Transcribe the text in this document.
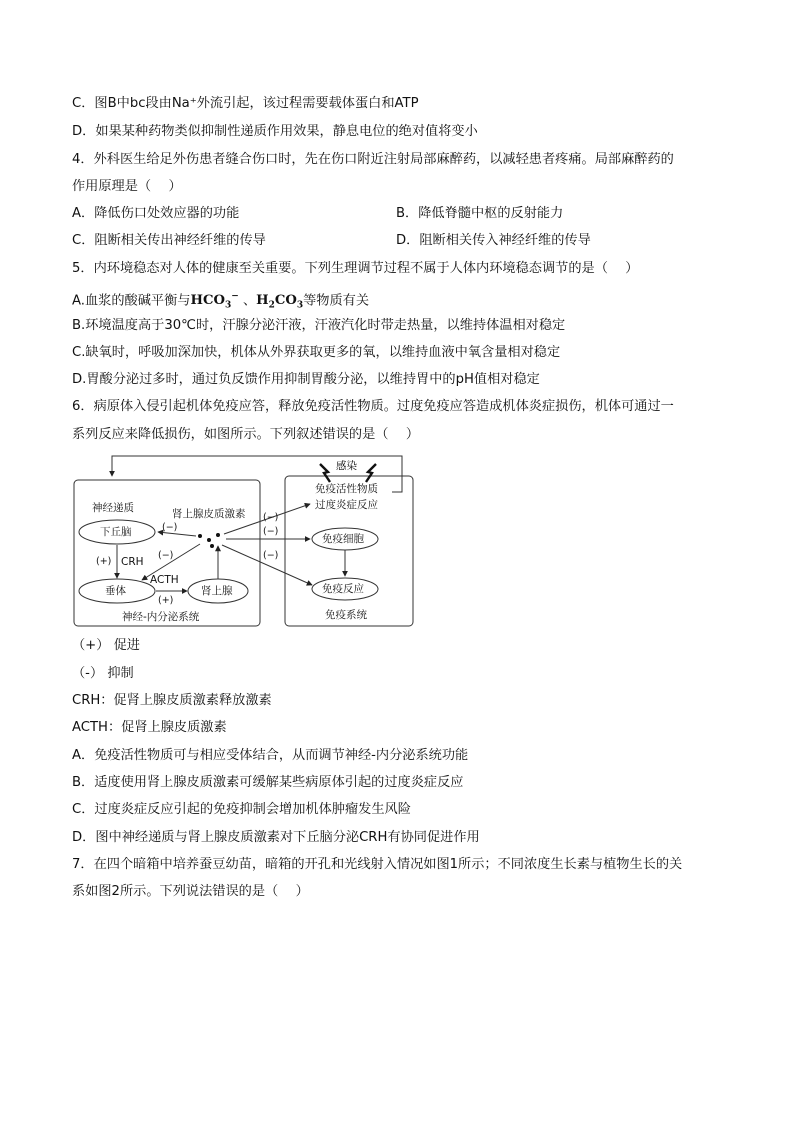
C．图B中bc段由Na⁺外流引起，该过程需要载体蛋白和ATP
D．如果某种药物类似抑制性递质作用效果，静息电位的绝对值将变小
4．外科医生给足外伤患者缝合伤口时，先在伤口附近注射局部麻醉药，以减轻患者疼痛。局部麻醉药的
作用原理是（　 ）
A．降低伤口处效应器的功能	B．降低脊髓中枢的反射能力
C．阻断相关传出神经纤维的传导	D．阻断相关传入神经纤维的传导
5．内环境稳态对人体的健康至关重要。下列生理调节过程不属于人体内环境稳态调节的是（　 ）
A.血浆的酸碱平衡与$HCO_3^-$ 、$H_2CO_3$等物质有关
B.环境温度高于30℃时，汗腺分泌汗液，汗液汽化时带走热量，以维持体温相对稳定
C.缺氧时，呼吸加深加快，机体从外界获取更多的氧，以维持血液中氧含量相对稳定
D.胃酸分泌过多时，通过负反馈作用抑制胃酸分泌，以维持胃中的pH值相对稳定
6．病原体入侵引起机体免疫应答，释放免疫活性物质。过度免疫应答造成机体炎症损伤，机体可通过一
系列反应来降低损伤，如图所示。下列叙述错误的是（　 ）
感染
免疫活性物质
过度炎症反应
免疫细胞
免疫反应
免疫系统
神经递质
下丘脑
肾上腺皮质激素
(−)
(−)
(−)
(−)
(−)
(+) CRH
垂体
ACTH
(+)
肾上腺
神经-内分泌系统
（+） 促进
（-） 抑制
CRH：促肾上腺皮质激素释放激素
ACTH：促肾上腺皮质激素
A．免疫活性物质可与相应受体结合，从而调节神经-内分泌系统功能
B．适度使用肾上腺皮质激素可缓解某些病原体引起的过度炎症反应
C．过度炎症反应引起的免疫抑制会增加机体肿瘤发生风险
D．图中神经递质与肾上腺皮质激素对下丘脑分泌CRH有协同促进作用
7．在四个暗箱中培养蚕豆幼苗，暗箱的开孔和光线射入情况如图1所示；不同浓度生长素与植物生长的关
系如图2所示。下列说法错误的是（　 ）
